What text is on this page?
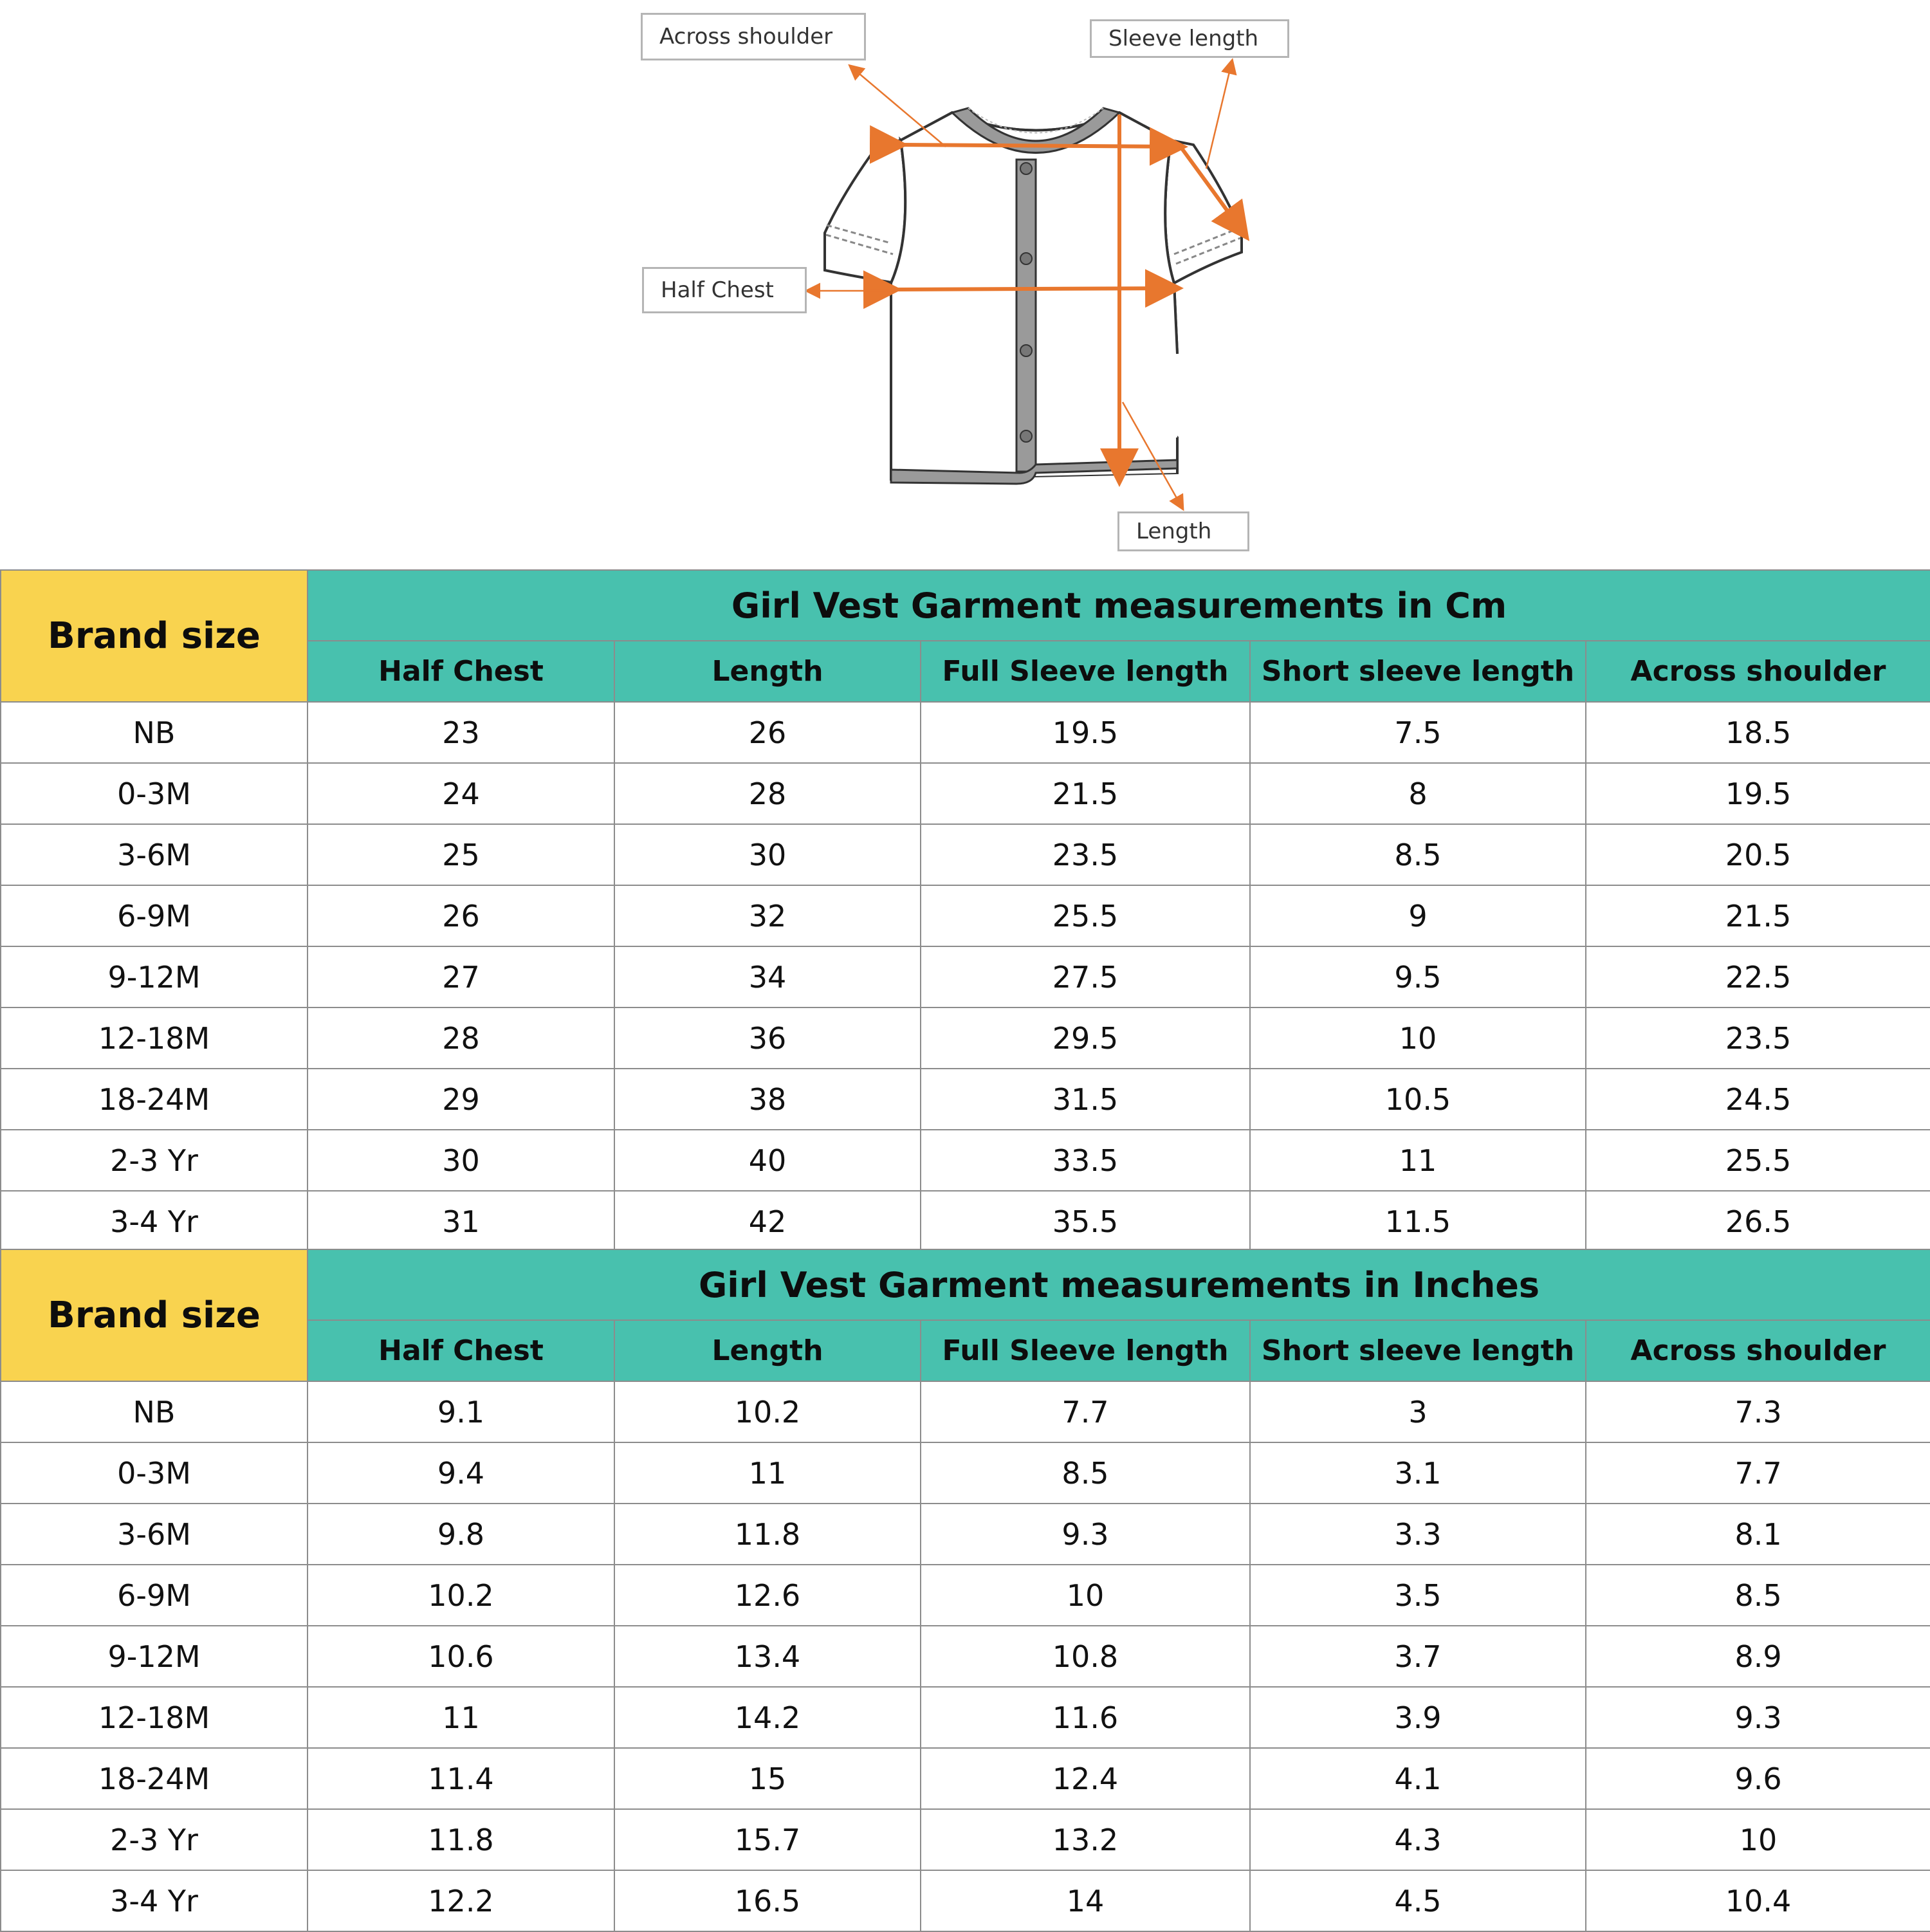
Across shoulder	Sleeve length
Half Chest
Length
Brand size	Girl Vest Garment measurements in Cm				
	Half Chest	Length	Full Sleeve length	Short sleeve length	Across shoulder
NB	23	26	19.5	7.5	18.5
0-3M	24	28	21.5	8	19.5
3-6M	25	30	23.5	8.5	20.5
6-9M	26	32	25.5	9	21.5
9-12M	27	34	27.5	9.5	22.5
12-18M	28	36	29.5	10	23.5
18-24M	29	38	31.5	10.5	24.5
2-3 Yr	30	40	33.5	11	25.5
3-4 Yr	31	42	35.5	11.5	26.5
Brand size	Girl Vest Garment measurements in Inches				
	Half Chest	Length	Full Sleeve length	Short sleeve length	Across shoulder
NB	9.1	10.2	7.7	3	7.3
0-3M	9.4	11	8.5	3.1	7.7
3-6M	9.8	11.8	9.3	3.3	8.1
6-9M	10.2	12.6	10	3.5	8.5
9-12M	10.6	13.4	10.8	3.7	8.9
12-18M	11	14.2	11.6	3.9	9.3
18-24M	11.4	15	12.4	4.1	9.6
2-3 Yr	11.8	15.7	13.2	4.3	10
3-4 Yr	12.2	16.5	14	4.5	10.4
